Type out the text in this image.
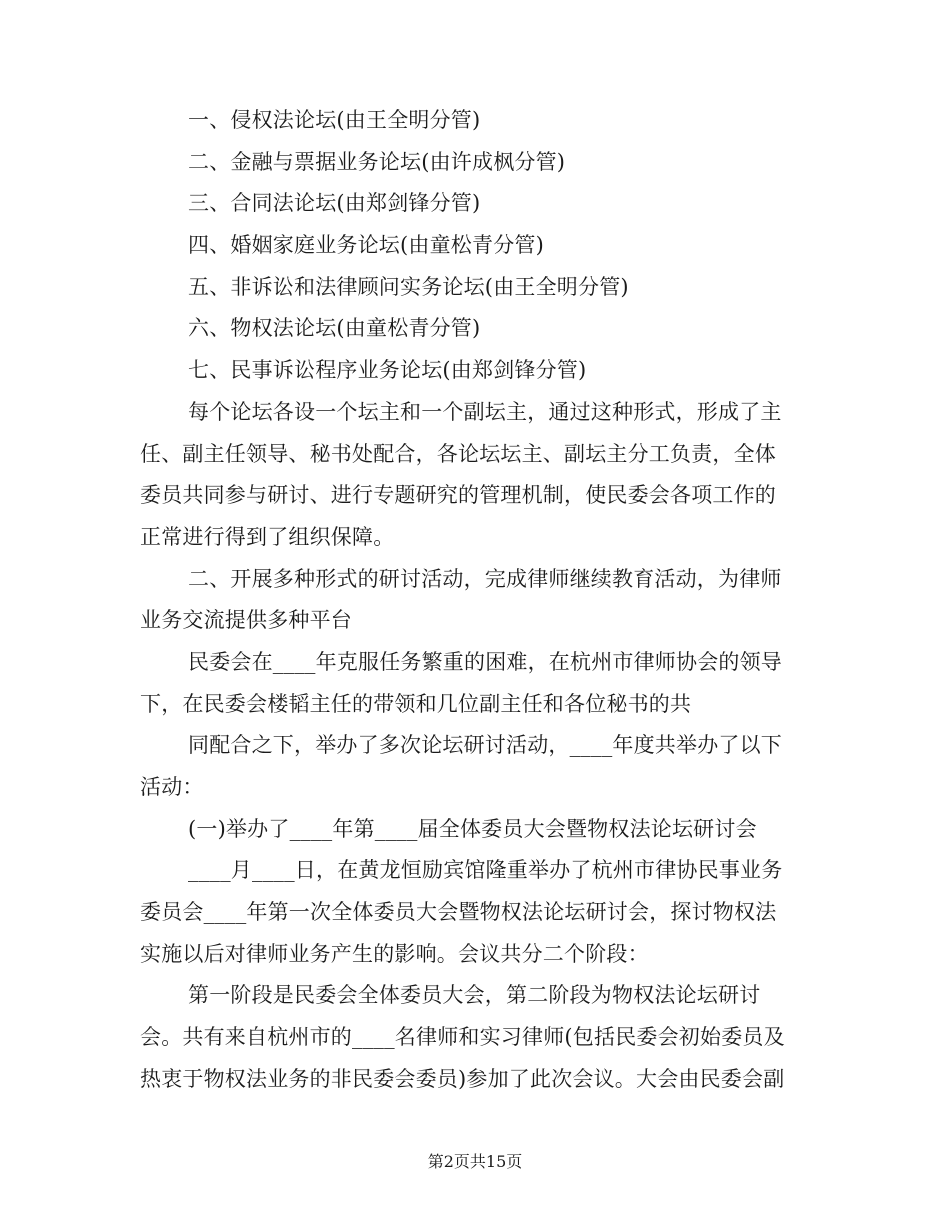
一、侵权法论坛(由王全明分管)
二、金融与票据业务论坛(由许成枫分管)
三、合同法论坛(由郑剑锋分管)
四、婚姻家庭业务论坛(由童松青分管)
五、非诉讼和法律顾问实务论坛(由王全明分管)
六、物权法论坛(由童松青分管)
七、民事诉讼程序业务论坛(由郑剑锋分管)
每个论坛各设一个坛主和一个副坛主，通过这种形式，形成了主
任、副主任领导、秘书处配合，各论坛坛主、副坛主分工负责，全体
委员共同参与研讨、进行专题研究的管理机制，使民委会各项工作的
正常进行得到了组织保障。
二、开展多种形式的研讨活动，完成律师继续教育活动，为律师
业务交流提供多种平台
民委会在____年克服任务繁重的困难，在杭州市律师协会的领导
下，在民委会楼韬主任的带领和几位副主任和各位秘书的共
同配合之下，举办了多次论坛研讨活动，____年度共举办了以下
活动：
(一)举办了____年第____届全体委员大会暨物权法论坛研讨会
____月____日，在黄龙恒励宾馆隆重举办了杭州市律协民事业务
委员会____年第一次全体委员大会暨物权法论坛研讨会，探讨物权法
实施以后对律师业务产生的影响。会议共分二个阶段：
第一阶段是民委会全体委员大会，第二阶段为物权法论坛研讨
会。共有来自杭州市的____名律师和实习律师(包括民委会初始委员及
热衷于物权法业务的非民委会委员)参加了此次会议。大会由民委会副
第2页共15页
